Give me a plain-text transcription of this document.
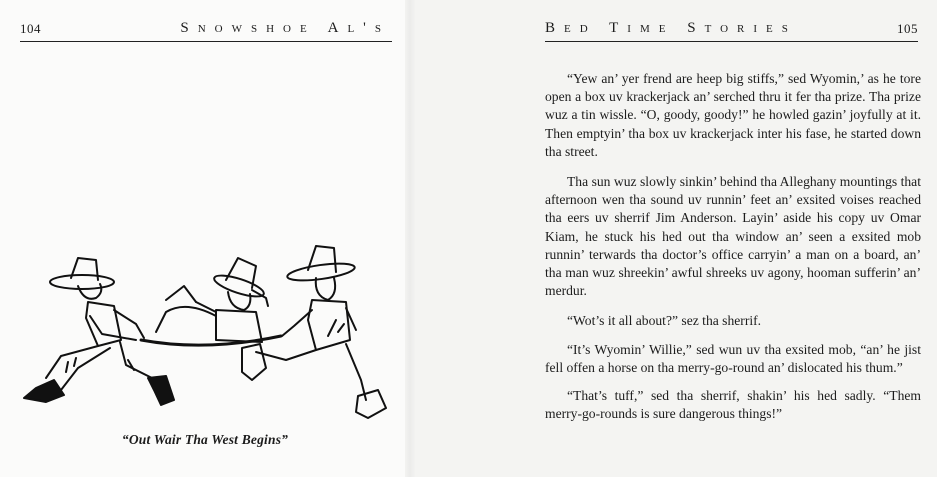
104	Snowshoe Al's	Bed Time Stories	105
“Out Wair Tha West Begins”

“Yew an’ yer frend are heep big stiffs,” sed Wyomin,’ as he tore open a box uv krackerjack an’ serched thru it fer tha prize. Tha prize wuz a tin wissle. “O, goody, goody!” he howled gazin’ joyfully at it. Then emptyin’ tha box uv krackerjack inter his fase, he started down tha street.

Tha sun wuz slowly sinkin’ behind tha Alleghany mountings that afternoon wen tha sound uv runnin’ feet an’ exsited voises reached tha eers uv sherrif Jim Anderson. Layin’ aside his copy uv Omar Kiam, he stuck his hed out tha window an’ seen a exsited mob runnin’ terwards tha doctor’s office carryin’ a man on a board, an’ tha man wuz shreekin’ awful shreeks uv agony, hooman sufferin’ an’ merdur.

“Wot’s it all about?” sez tha sherrif.

“It’s Wyomin’ Willie,” sed wun uv tha exsited mob, “an’ he jist fell offen a horse on tha merry-go-round an’ dislocated his thum.”

“That’s tuff,” sed tha sherrif, shakin’ his hed sadly. “Them merry-go-rounds is sure dangerous things!”
